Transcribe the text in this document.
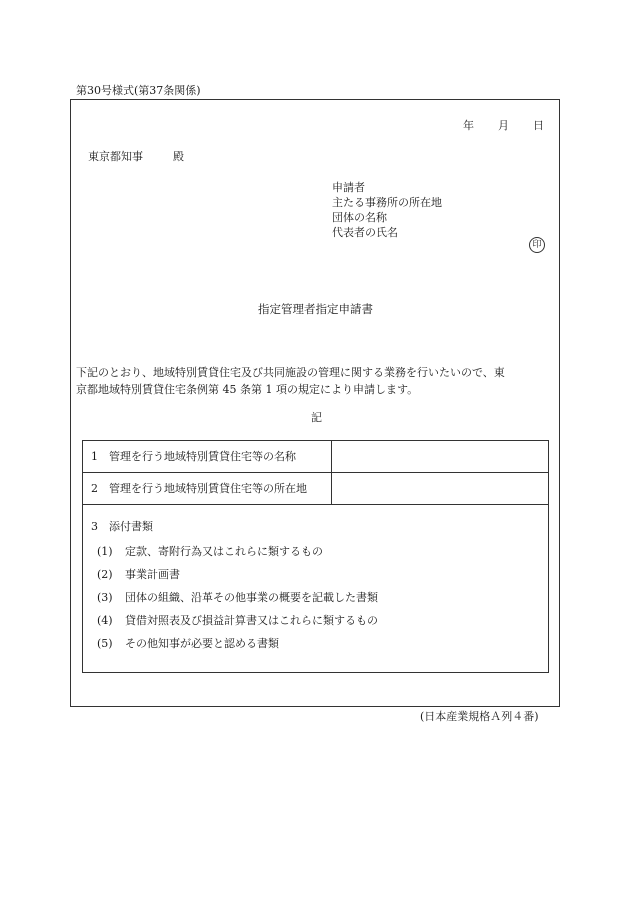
第30号様式(第37条関係)
年 月 日
東京都知事	殿
申請者
主たる事務所の所在地
団体の名称
代表者の氏名
印
指定管理者指定申請書
下記のとおり、地域特別賃貸住宅及び共同施設の管理に関する業務を行いたいので、東
京都地域特別賃貸住宅条例第 45 条第 1 項の規定により申請します。
記
1　管理を行う地域特別賃貸住宅等の名称
2　管理を行う地域特別賃貸住宅等の所在地
3　添付書類
(1) 定款、寄附行為又はこれらに類するもの
(2) 事業計画書
(3) 団体の組織、沿革その他事業の概要を記載した書類
(4) 貸借対照表及び損益計算書又はこれらに類するもの
(5) その他知事が必要と認める書類
(日本産業規格Ａ列４番)
